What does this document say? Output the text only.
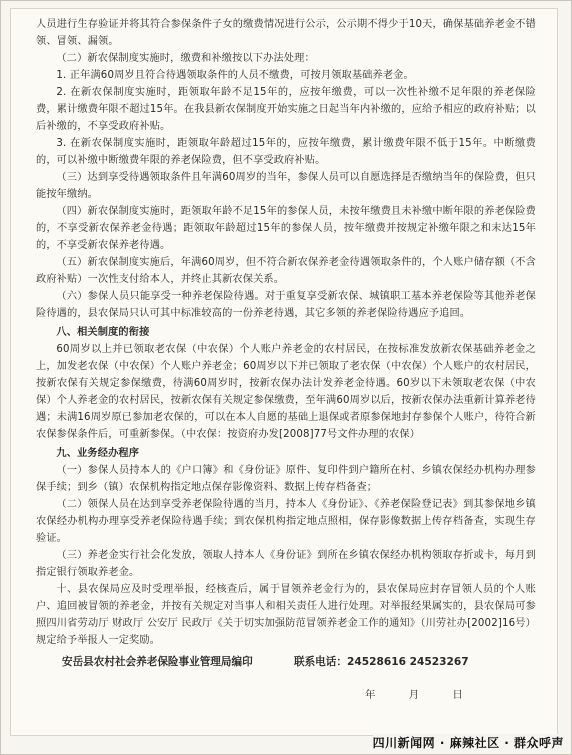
人员进行生存验证并将其符合参保条件子女的缴费情况进行公示，公示期不得少于10天，确保基础养老金不错领、冒领、漏领。

（二）新农保制度实施时，缴费和补缴按以下办法处理：

1. 正年满60周岁且符合待遇领取条件的人员不缴费，可按月领取基础养老金。

2. 在新农保制度实施时，距领取年龄不足15年的，应按年缴费，可以一次性补缴不足年限的养老保险费，累计缴费年限不超过15年。在我县新农保制度开始实施之日起当年内补缴的，应给予相应的政府补贴；以后补缴的，不享受政府补贴。

3. 在新农保制度实施时，距领取年龄超过15年的，应按年缴费，累计缴费年限不低于15年。中断缴费的，可以补缴中断缴费年限的养老保险费，但不享受政府补贴。

（三）达到享受待遇领取条件且年满60周岁的当年，参保人员可以自愿选择是否缴纳当年的保险费，但只能按年缴纳。

（四）新农保制度实施时，距领取年龄不足15年的参保人员，未按年缴费且未补缴中断年限的养老保险费的，不享受新农保养老金待遇；距领取年龄超过15年的参保人员，按年缴费并按规定补缴年限之和末达15年的，不享受新农保养老待遇。

（五）新农保制度实施后，年满60周岁，但不符合新农保养老金待遇领取条件的，个人账户储存额（不含政府补贴）一次性支付给本人，并终止其新农保关系。

（六）参保人员只能享受一种养老保险待遇。对于重复享受新农保、城镇职工基本养老保险等其他养老保险待遇的，县农保局只认可其中标准较高的一份养老待遇，其它多领的养老保险待遇应予追回。

八、相关制度的衔接

60周岁以上并已领取老农保（中农保）个人账户养老金的农村居民，在按标准发放新农保基础养老金之上，加发老农保（中农保）个人账户养老金；60周岁以下并已领取了老农保（中农保）个人账户的农村居民，按新农保有关规定参保缴费，待满60周岁时，按新农保办法计发养老金待遇。60岁以下未领取老农保（中农保）个人养老金的农村居民，按新农保有关规定参保缴费，至年满60周岁以后，按新农保办法重新计算养老待遇；未满16周岁原已参加老农保的，可以在本人自愿的基础上退保或者原参保地封存参保个人账户，待符合新农保参保条件后，可重新参保。（中农保：按资府办发[2008]77号文件办理的农保）

九、业务经办程序

（一）参保人员持本人的《户口簿》和《身份证》原件、复印件到户籍所在村、乡镇农保经办机构办理参保手续；到乡（镇）农保机构指定地点保存影像资料、数据上传存档备查；

（二）领保人员在达到享受养老保险待遇的当月，持本人《身份证》、《养老保险登记表》到其参保地乡镇农保经办机构办理享受养老保险待遇手续；到农保机构指定地点照相，保存影像数据上传存档备查，实现生存验证。

（三）养老金实行社会化发放，领取人持本人《身份证》到所在乡镇农保经办机构领取存折或卡，每月到指定银行领取养老金。

十、县农保局应及时受理举报，经核查后，属于冒领养老金行为的，县农保局应封存冒领人员的个人账户、追回被冒领的养老金，并按有关规定对当事人和相关责任人进行处理。对举报经果属实的，县农保局可参照四川省劳动厅 财政厅 公安厅 民政厅《关于切实加强防范冒领养老金工作的通知》（川劳社办[2002]16号）规定给予举报人一定奖励。

安岳县农村社会养老保险事业管理局编印	联系电话：24528616 24523267
年 月 日
四川新闻网 · 麻辣社区 · 群众呼声
